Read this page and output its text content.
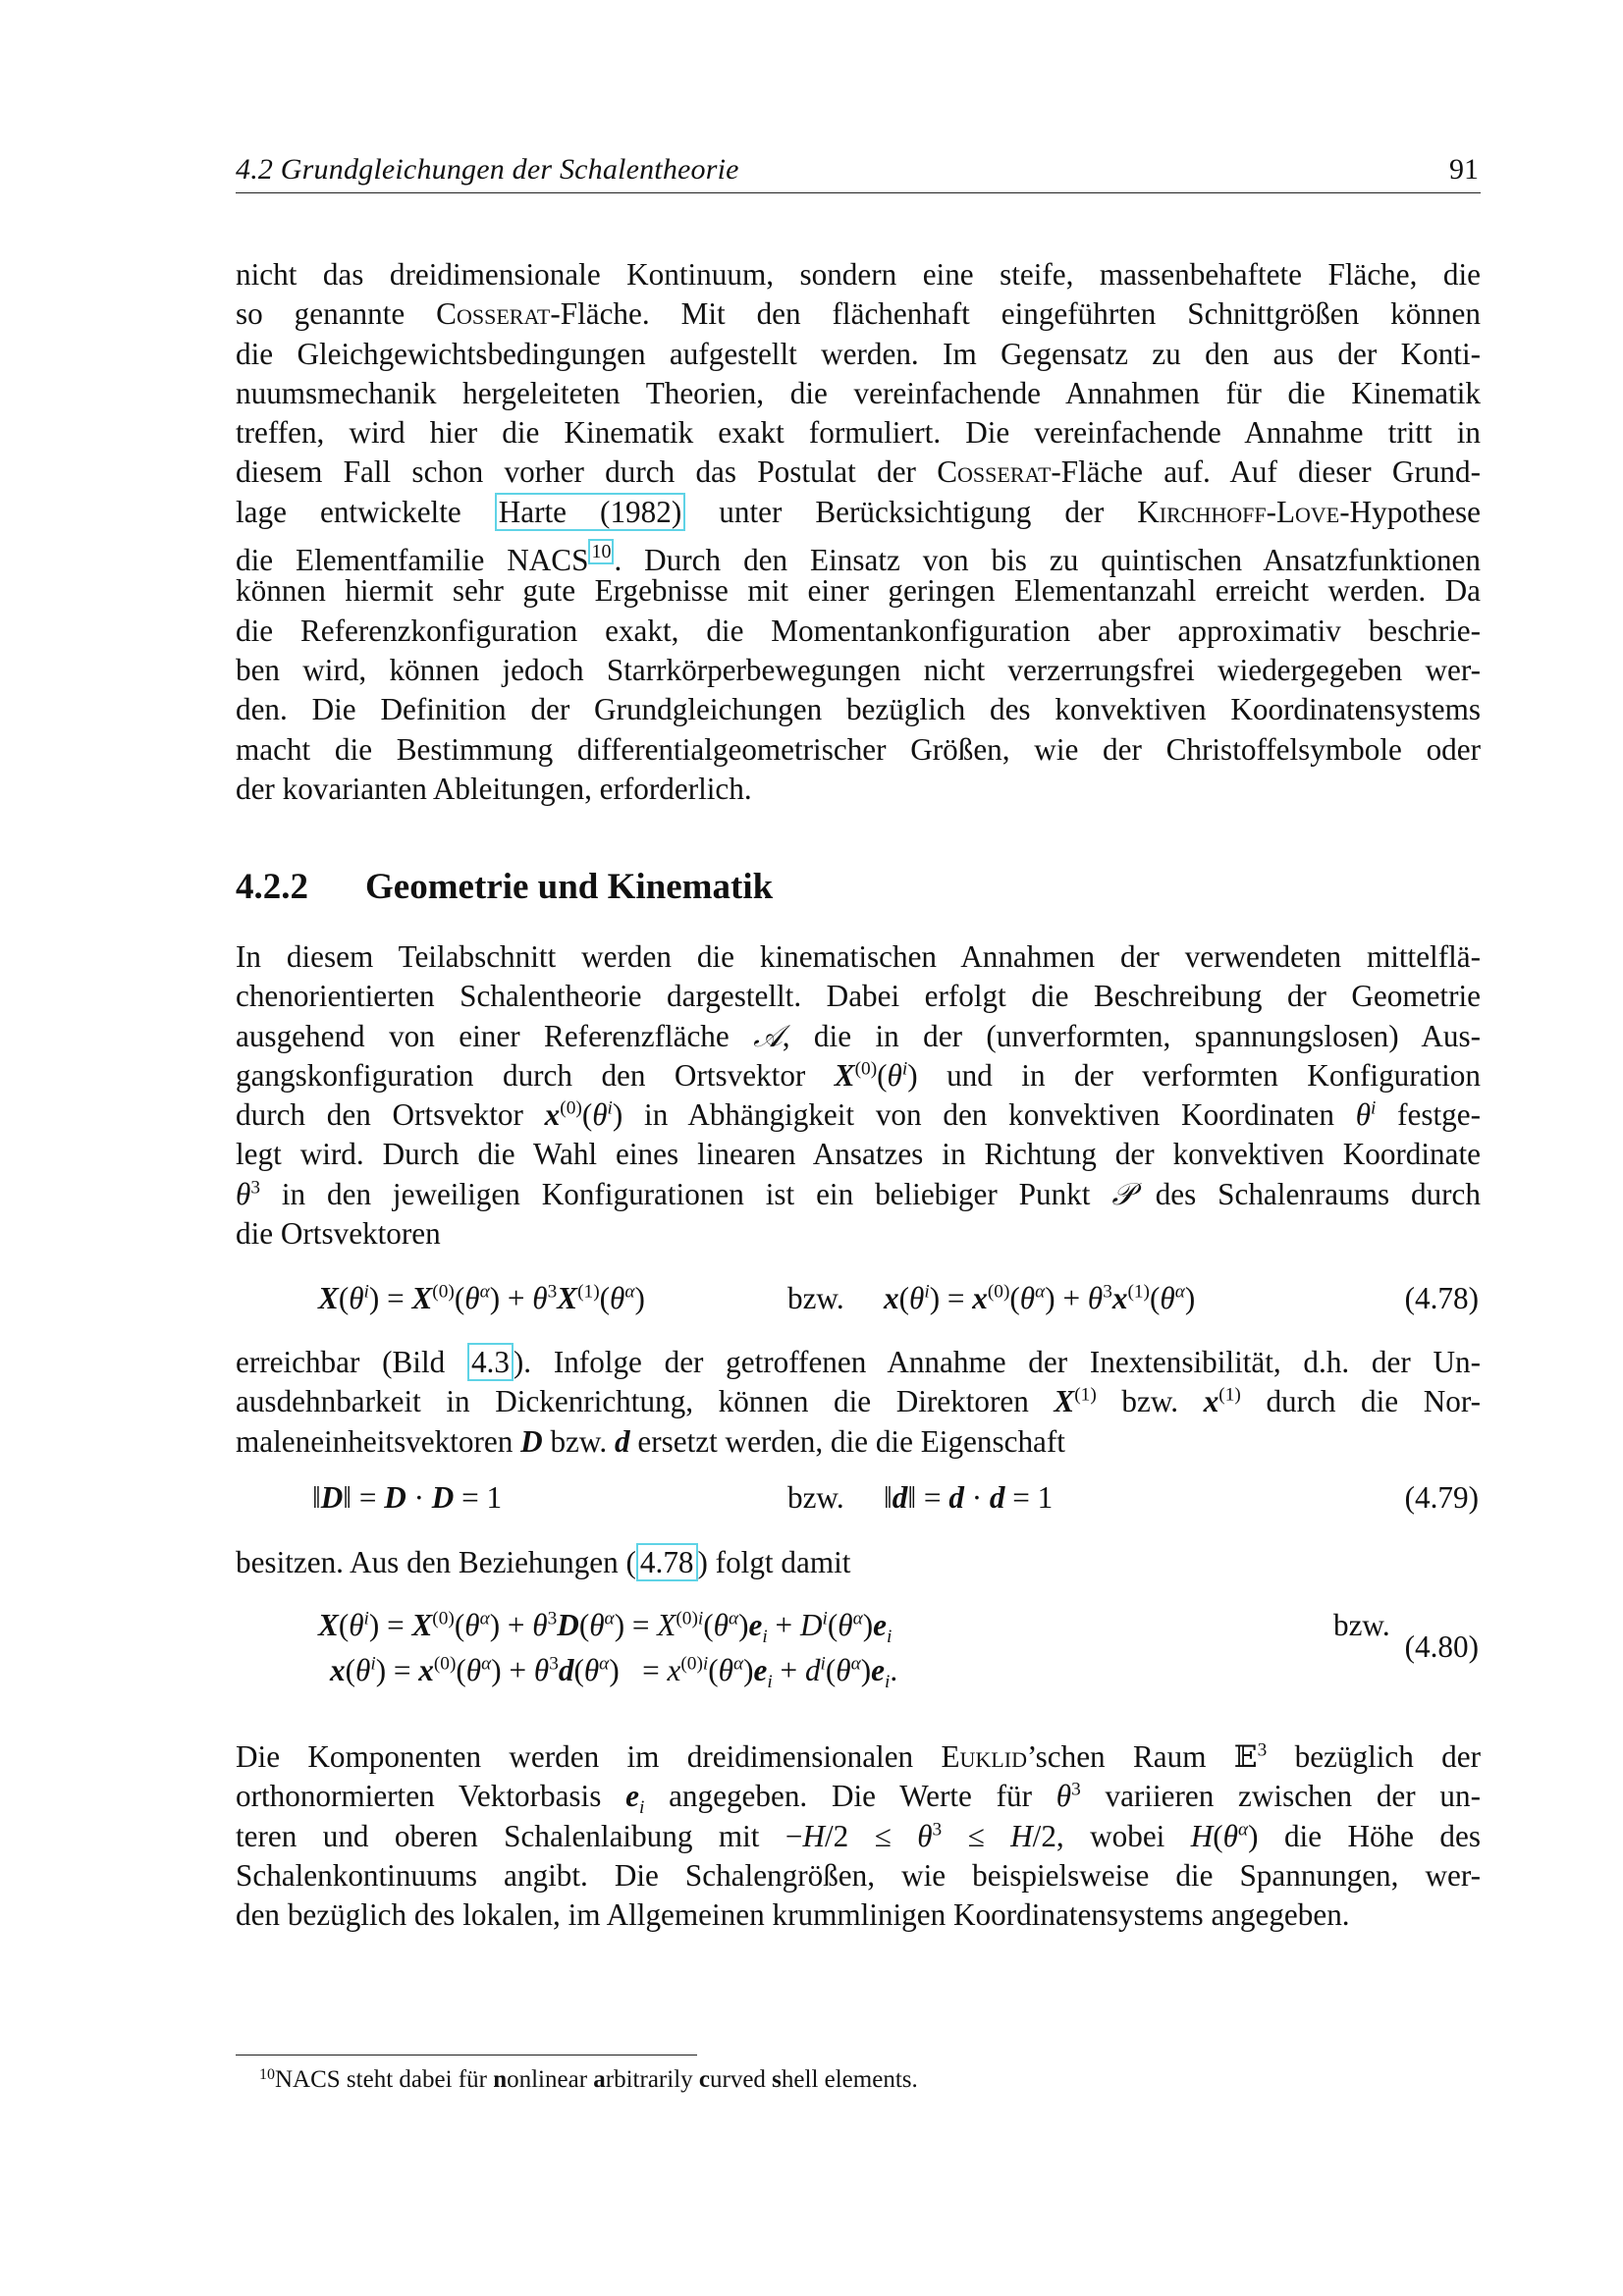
4.2 Grundgleichungen der Schalentheorie	91
nicht das dreidimensionale Kontinuum, sondern eine steife, massenbehaftete Fläche, die
so genannte Cosserat-Fläche. Mit den flächenhaft eingeführten Schnittgrößen können
die Gleichgewichtsbedingungen aufgestellt werden. Im Gegensatz zu den aus der Konti-
nuumsmechanik hergeleiteten Theorien, die vereinfachende Annahmen für die Kinematik
treffen, wird hier die Kinematik exakt formuliert. Die vereinfachende Annahme tritt in
diesem Fall schon vorher durch das Postulat der Cosserat-Fläche auf. Auf dieser Grund-
lage entwickelte Harte (1982) unter Berücksichtigung der Kirchhoff-Love-Hypothese
die Elementfamilie NACS $^{10}$. Durch den Einsatz von bis zu quintischen Ansatzfunktionen
können hiermit sehr gute Ergebnisse mit einer geringen Elementanzahl erreicht werden. Da
die Referenzkonfiguration exakt, die Momentankonfiguration aber approximativ beschrie-
ben wird, können jedoch Starrkörperbewegungen nicht verzerrungsfrei wiedergegeben wer-
den. Die Definition der Grundgleichungen bezüglich des konvektiven Koordinatensystems
macht die Bestimmung differentialgeometrischer Größen, wie der Christoffelsymbole oder
der kovarianten Ableitungen, erforderlich.
4.2.2 Geometrie und Kinematik
In diesem Teilabschnitt werden die kinematischen Annahmen der verwendeten mittelflä-
chenorientierten Schalentheorie dargestellt. Dabei erfolgt die Beschreibung der Geometrie
ausgehend von einer Referenzfläche 𝒜, die in der (unverformten, spannungslosen) Aus-
gangskonfiguration durch den Ortsvektor $X^{(0)}(\theta^i)$ und in der verformten Konfiguration
durch den Ortsvektor $x^{(0)}(\theta^i)$ in Abhängigkeit von den konvektiven Koordinaten $\theta^i$ festge-
legt wird. Durch die Wahl eines linearen Ansatzes in Richtung der konvektiven Koordinate
$\theta^3$ in den jeweiligen Konfigurationen ist ein beliebiger Punkt 𝒫 des Schalenraums durch
die Ortsvektoren
$X(\theta^i) = X^{(0)}(\theta^\alpha) + \theta^3X^{(1)}(\theta^\alpha)$	bzw. $x(\theta^i) = x^{(0)}(\theta^\alpha) + \theta^3x^{(1)}(\theta^\alpha)$	(4.78)
erreichbar (Bild 4.3 ). Infolge der getroffenen Annahme der Inextensibilität, d.h. der Un-
ausdehnbarkeit in Dickenrichtung, können die Direktoren $X^{(1)}$ bzw. $x^{(1)}$ durch die Nor-
maleneinheitsvektoren D bzw. d ersetzt werden, die die Eigenschaft
‖D‖ = D · D = 1	bzw. ‖d‖ = d · d = 1	(4.79)
besitzen. Aus den Beziehungen ( 4.78 ) folgt damit
$X(\theta^i) = X^{(0)}(\theta^\alpha) + \theta^3D(\theta^\alpha) = X^{(0)i}(\theta^\alpha)e_i + D^i(\theta^\alpha)e_i$	bzw.
$x(\theta^i) = x^{(0)}(\theta^\alpha) + \theta^3d(\theta^\alpha) = x^{(0)i}(\theta^\alpha)e_i + d^i(\theta^\alpha)e_i$.
(4.80)
Die Komponenten werden im dreidimensionalen Euklid’schen Raum 𝔼$^3$ bezüglich der
orthonormierten Vektorbasis $e_i$ angegeben. Die Werte für $\theta^3$ variieren zwischen der un-
teren und oberen Schalenlaibung mit $-H/2 \le \theta^3 \le H/2$, wobei $H(\theta^\alpha)$ die Höhe des
Schalenkontinuums angibt. Die Schalengrößen, wie beispielsweise die Spannungen, wer-
den bezüglich des lokalen, im Allgemeinen krummlinigen Koordinatensystems angegeben.
$^{10}$NACS steht dabei für nonlinear arbitrarily curved shell elements.
